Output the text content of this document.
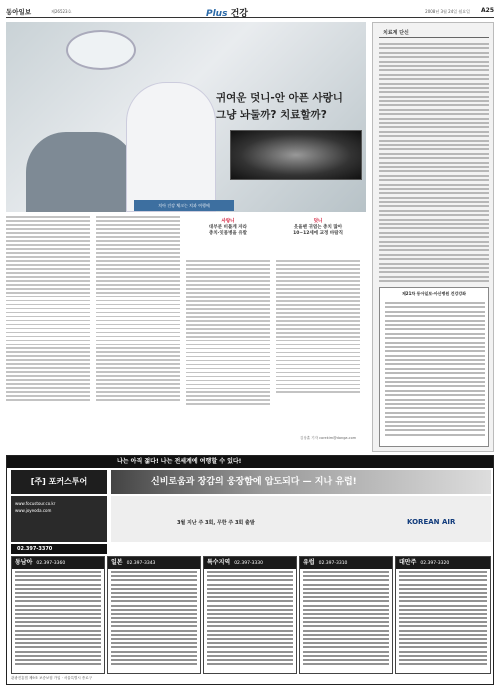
동아일보	제26523호	Plus 건강	2008년 3월 24일 월요일 A25
귀여운 덧니-안 아픈 사랑니
그냥 놔둘까? 치료할까?
치아 건강 체크는 치과 여행에
치료계 단신
제21차 동아일보-아산병원 건강강좌
사랑니
대부분 비틀게 자라
충치·잇몸병을 유발
덧니
웃을땐 귀엽는 충치 많아
10~12세에 교정 바람직
김상훈 기자 corekim@donga.com
나는 아직 젊다! 나는 전세계에 여행할 수 있다!
[주] 포커스투어	신비로움과 장감의 웅장함에 압도되다 — 지나 유럽!
www.focustour.co.kr
www.joyeoda.com
3월 지난 주 3회, 무한 주 3회 출발	KOREAN AIR
02.397-3370
동남아 02.397-3360	일본 02.397-3343	특수지역 02.397-3330	유럽 02.397-3310	대만주 02.397-3320
관광진흥법 제9조 보증보험 가입 · 서울특별시 종로구
